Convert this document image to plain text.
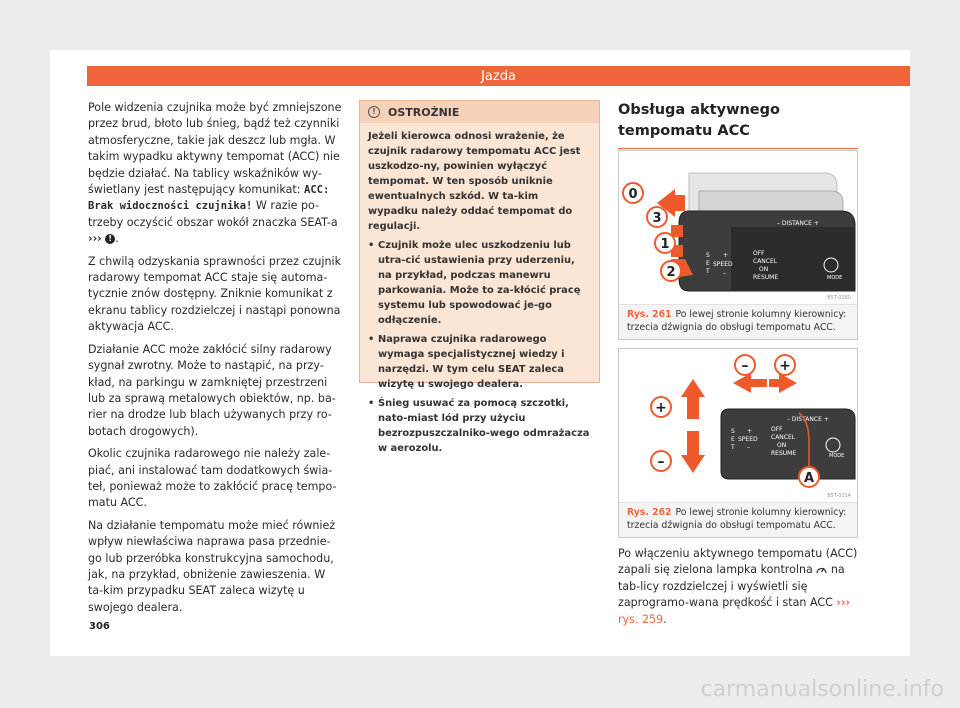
Jazda

Pole widzenia czujnika może być zmniejszone przez brud, błoto lub śnieg, bądź też czynniki atmosferyczne, takie jak deszcz lub mgła. W takim wypadku aktywny tempomat (ACC) nie będzie działać. Na tablicy wskaźników wy-świetlany jest następujący komunikat: ACC: Brak widoczności czujnika! W razie po-trzeby oczyścić obszar wokół znaczka SEAT-a ››› ! .

Z chwilą odzyskania sprawności przez czujnik radarowy tempomat ACC staje się automa-tycznie znów dostępny. Zniknie komunikat z ekranu tablicy rozdzielczej i nastąpi ponowna aktywacja ACC.

Działanie ACC może zakłócić silny radarowy sygnał zwrotny. Może to nastąpić, na przy-kład, na parkingu w zamkniętej przestrzeni lub za sprawą metalowych obiektów, np. ba-rier na drodze lub blach używanych przy ro-botach drogowych).

Okolic czujnika radarowego nie należy zale-piać, ani instalować tam dodatkowych świa-teł, ponieważ może to zakłócić pracę tempo-matu ACC.

Na działanie tempomatu może mieć również wpływ niewłaściwa naprawa pasa przednie-go lub przeróbka konstrukcyjna samochodu, jak, na przykład, obniżenie zawieszenia. W ta-kim przypadku SEAT zaleca wizytę u swojego dealera.

306
!	OSTROŻNIE

Jeżeli kierowca odnosi wrażenie, że czujnik radarowy tempomatu ACC jest uszkodzo-ny, powinien wyłączyć tempomat. W ten sposób uniknie ewentualnych szkód. W ta-kim wypadku należy oddać tempomat do regulacji.

• Czujnik może ulec uszkodzeniu lub utra-cić ustawienia przy uderzeniu, na przykład, podczas manewru parkowania. Może to za-kłócić pracę systemu lub spowodować je-go odłączenie.

• Naprawa czujnika radarowego wymaga specjalistycznej wiedzy i narzędzi. W tym celu SEAT zaleca wizytę u swojego dealera.

• Śnieg usuwać za pomocą szczotki, nato-miast lód przy użyciu bezrozpuszczalniko-wego odmrażacza w aerozolu.

Obsługa aktywnego tempomatu ACC
– DISTANCE +
S
E
T
+
SPEED
–
OFF
CANCEL
ON
RESUME	MODE
0
3
1
2
B5T-0280
Rys. 261 Po lewej stronie kolumny kierownicy: trzecia dźwignia do obsługi tempomatu ACC.
– DISTANCE +
S
E
T
+
SPEED
–
OFF
CANCEL
ON
RESUME	MODE
– +
+
–
A
B5T-0314
Rys. 262 Po lewej stronie kolumny kierownicy: trzecia dźwignia do obsługi tempomatu ACC.
Po włączeniu aktywnego tempomatu (ACC) zapali się zielona lampka kontrolna  na tab-licy rozdzielczej i wyświetli się zaprogramo-wana prędkość i stan ACC ››› rys. 259.
carmanualsonline.info
